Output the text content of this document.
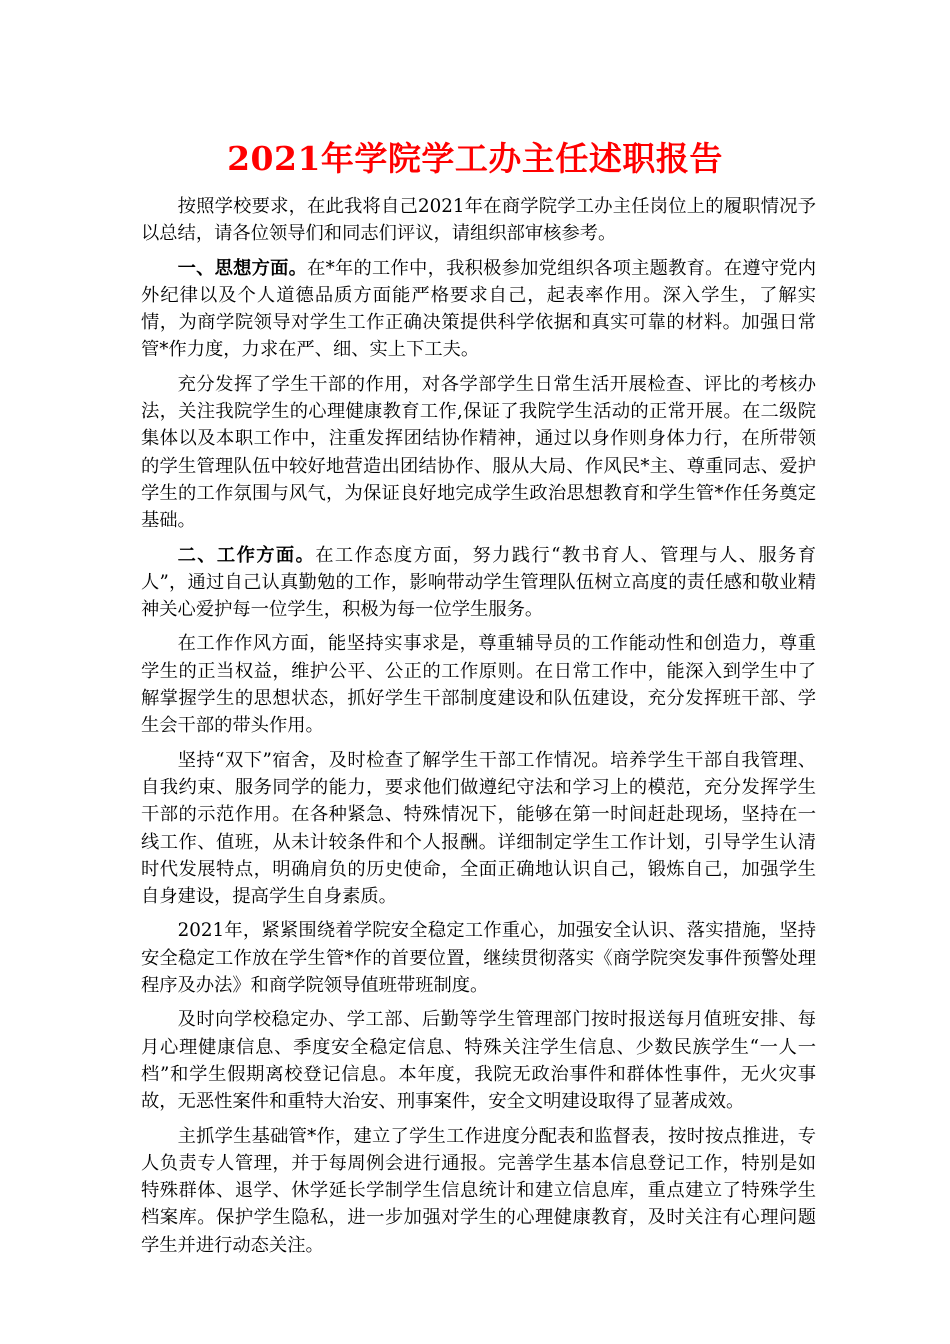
2021年学院学工办主任述职报告

按照学校要求，在此我将自己2021年在商学院学工办主任岗位上的履职情况予以总结，请各位领导们和同志们评议，请组织部审核参考。

一、思想方面。在*年的工作中，我积极参加党组织各项主题教育。在遵守党内外纪律以及个人道德品质方面能严格要求自己，起表率作用。深入学生，了解实情，为商学院领导对学生工作正确决策提供科学依据和真实可靠的材料。加强日常管*作力度，力求在严、细、实上下工夫。

充分发挥了学生干部的作用，对各学部学生日常生活开展检查、评比的考核办法，关注我院学生的心理健康教育工作,保证了我院学生活动的正常开展。在二级院集体以及本职工作中，注重发挥团结协作精神，通过以身作则身体力行，在所带领的学生管理队伍中较好地营造出团结协作、服从大局、作风民*主、尊重同志、爱护学生的工作氛围与风气，为保证良好地完成学生政治思想教育和学生管*作任务奠定基础。

二、工作方面。在工作态度方面，努力践行“教书育人、管理与人、服务育人”，通过自己认真勤勉的工作，影响带动学生管理队伍树立高度的责任感和敬业精神关心爱护每一位学生，积极为每一位学生服务。

在工作作风方面，能坚持实事求是，尊重辅导员的工作能动性和创造力，尊重学生的正当权益，维护公平、公正的工作原则。在日常工作中，能深入到学生中了解掌握学生的思想状态，抓好学生干部制度建设和队伍建设，充分发挥班干部、学生会干部的带头作用。

坚持“双下”宿舍，及时检查了解学生干部工作情况。培养学生干部自我管理、自我约束、服务同学的能力，要求他们做遵纪守法和学习上的模范，充分发挥学生干部的示范作用。在各种紧急、特殊情况下，能够在第一时间赶赴现场，坚持在一线工作、值班，从未计较条件和个人报酬。详细制定学生工作计划，引导学生认清时代发展特点，明确肩负的历史使命，全面正确地认识自己，锻炼自己，加强学生自身建设，提高学生自身素质。

2021年，紧紧围绕着学院安全稳定工作重心，加强安全认识、落实措施，坚持安全稳定工作放在学生管*作的首要位置，继续贯彻落实《商学院突发事件预警处理程序及办法》和商学院领导值班带班制度。

及时向学校稳定办、学工部、后勤等学生管理部门按时报送每月值班安排、每月心理健康信息、季度安全稳定信息、特殊关注学生信息、少数民族学生“一人一档”和学生假期离校登记信息。本年度，我院无政治事件和群体性事件，无火灾事故，无恶性案件和重特大治安、刑事案件，安全文明建设取得了显著成效。

主抓学生基础管*作，建立了学生工作进度分配表和监督表，按时按点推进，专人负责专人管理，并于每周例会进行通报。完善学生基本信息登记工作，特别是如特殊群体、退学、休学延长学制学生信息统计和建立信息库，重点建立了特殊学生档案库。保护学生隐私，进一步加强对学生的心理健康教育，及时关注有心理问题学生并进行动态关注。
